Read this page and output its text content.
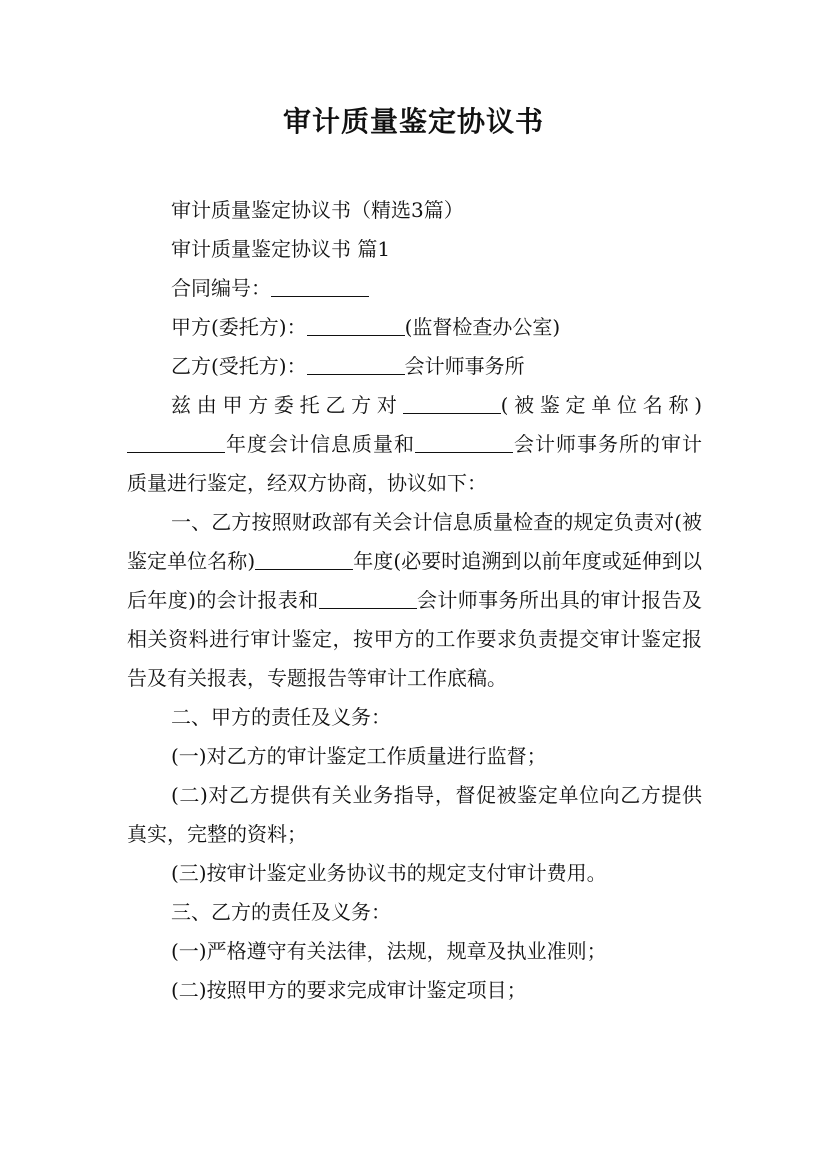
审计质量鉴定协议书
审计质量鉴定协议书（精选3篇）
审计质量鉴定协议书 篇1
合同编号：
甲方(委托方)：	(监督检查办公室)
乙方(受托方)：	会计师事务所
兹由甲方委托乙方对	(被鉴定单位名称)年度会计信息质量和	会计师事务所的审计质量进行鉴定，经双方协商，协议如下：
一、乙方按照财政部有关会计信息质量检查的规定负责对(被鉴定单位名称)	年度(必要时追溯到以前年度或延伸到以后年度)的会计报表和	会计师事务所出具的审计报告及相关资料进行审计鉴定，按甲方的工作要求负责提交审计鉴定报告及有关报表，专题报告等审计工作底稿。
二、甲方的责任及义务：
(一)对乙方的审计鉴定工作质量进行监督；
(二)对乙方提供有关业务指导，督促被鉴定单位向乙方提供真实，完整的资料；
(三)按审计鉴定业务协议书的规定支付审计费用。
三、乙方的责任及义务：
(一)严格遵守有关法律，法规，规章及执业准则；
(二)按照甲方的要求完成审计鉴定项目；
